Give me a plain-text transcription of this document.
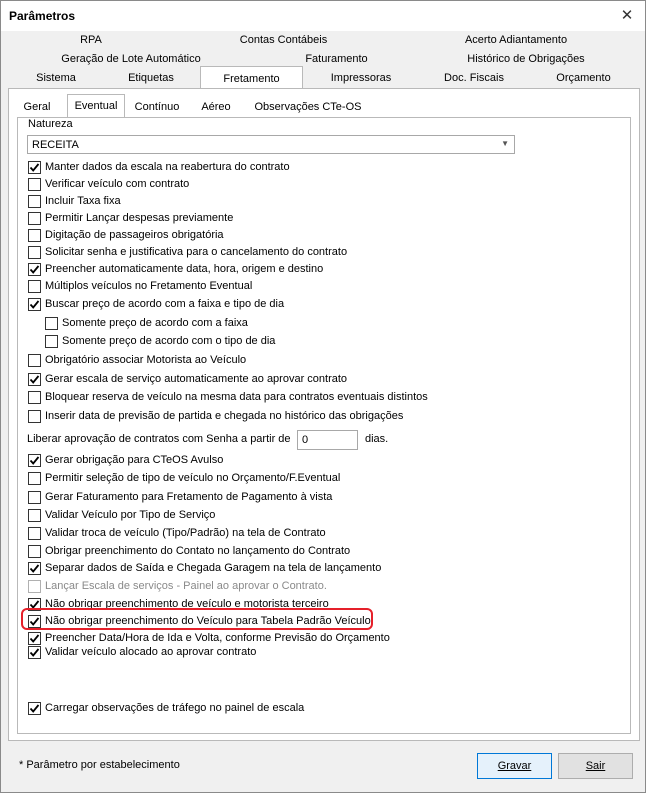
Parâmetros	✕
RPA	Contas Contábeis	Acerto Adiantamento
Geração de Lote Automático	Faturamento	Histórico de Obrigações
Sistema	Etiquetas	Fretamento	Impressoras	Doc. Fiscais	Orçamento
Geral	Eventual	Contínuo	Aéreo	Observações CTe-OS
Natureza
RECEITA	▼
Manter dados da escala na reabertura do contrato
Verificar veículo com contrato
Incluir Taxa fixa
Permitir Lançar despesas previamente
Digitação de passageiros obrigatória
Solicitar senha e justificativa para o cancelamento do contrato
Preencher automaticamente data, hora, origem e destino
Múltiplos veículos no Fretamento Eventual
Buscar preço de acordo com a faixa e tipo de dia
Somente preço de acordo com a faixa
Somente preço de acordo com o tipo de dia
Obrigatório associar Motorista ao Veículo
Gerar escala de serviço automaticamente ao aprovar contrato
Bloquear reserva de veículo na mesma data para contratos eventuais distintos
Inserir data de previsão de partida e chegada no histórico das obrigações
Gerar obrigação para CTeOS Avulso
Permitir seleção de tipo de veículo no Orçamento/F.Eventual
Gerar Faturamento para Fretamento de Pagamento à vista
Validar Veículo por Tipo de Serviço
Validar troca de veículo (Tipo/Padrão) na tela de Contrato
Obrigar preenchimento do Contato no lançamento do Contrato
Separar dados de Saída e Chegada Garagem na tela de lançamento
Lançar Escala de serviços - Painel ao aprovar o Contrato.
Não obrigar preenchimento de veículo e motorista terceiro
Não obrigar preenchimento do Veículo para Tabela Padrão Veículo
Preencher Data/Hora de Ida e Volta, conforme Previsão do Orçamento
Validar veículo alocado ao aprovar contrato
Carregar observações de tráfego no painel de escala
Liberar aprovação de contratos com Senha a partir de	0	dias.
* Parâmetro por estabelecimento	Gravar	Sair
